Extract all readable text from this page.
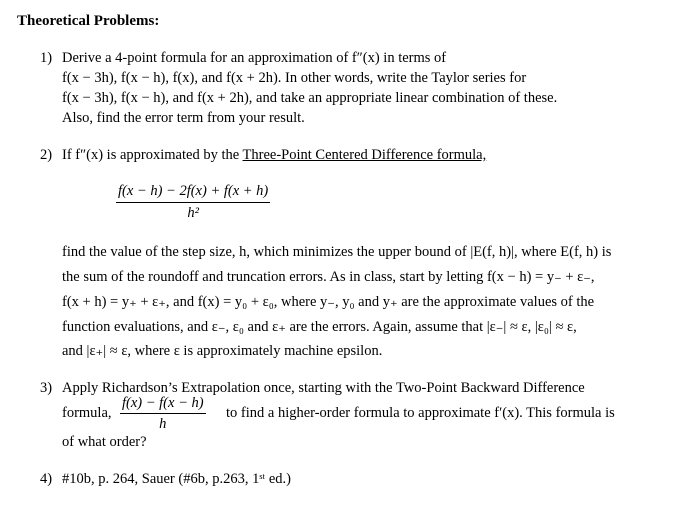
Theoretical Problems:
1) Derive a 4-point formula for an approximation of f″(x) in terms of
f(x − 3h), f(x − h), f(x), and f(x + 2h). In other words, write the Taylor series for
f(x − 3h), f(x − h), and f(x + 2h), and take an appropriate linear combination of these.
Also, find the error term from your result.
2) If f″(x) is approximated by the Three-Point Centered Difference formula,
$\frac{f(x - h) - 2f(x) + f(x + h)}{\text{h²}}$
find the value of the step size, h, which minimizes the upper bound of |E(f, h)|, where E(f, h) is
the sum of the roundoff and truncation errors. As in class, start by letting f(x − h) = y₋ + ε₋,
f(x + h) = y₊ + ε₊, and f(x) = y₀ + ε₀, where y₋, y₀ and y₊ are the approximate values of the
function evaluations, and ε₋, ε₀ and ε₊ are the errors. Again, assume that |ε₋| ≈ ε, |ε₀| ≈ ε,
and |ε₊| ≈ ε, where ε is approximately machine epsilon.
3) Apply Richardson’s Extrapolation once, starting with the Two-Point Backward Difference
formula, $\frac{f(x) - f(x - h)}{h}$ to find a higher-order formula to approximate f′(x). This formula is
of what order?
4) #10b, p. 264, Sauer (#6b, p.263, 1ˢᵗ ed.)
